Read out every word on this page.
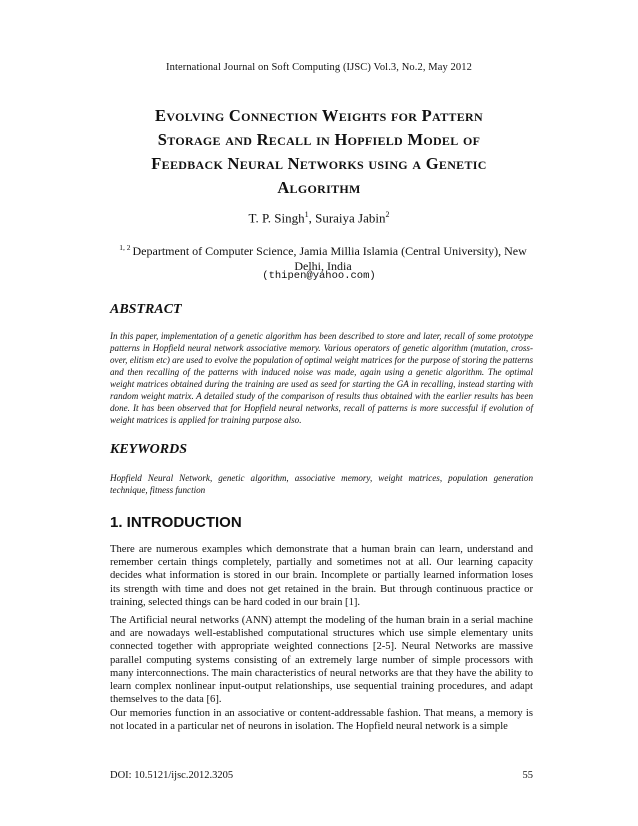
International Journal on Soft Computing (IJSC) Vol.3, No.2, May 2012
Evolving Connection Weights for Pattern
Storage and Recall in Hopfield Model of
Feedback Neural Networks using a Genetic
Algorithm
T. P. Singh$^1$, Suraiya Jabin$^2$
$^{1, 2}$ Department of Computer Science, Jamia Millia Islamia (Central University), New Delhi, India
(thipen@yahoo.com)
ABSTRACT
In this paper, implementation of a genetic algorithm has been described to store and later, recall of some prototype patterns in Hopfield neural network associative memory. Various operators of genetic algorithm (mutation, cross-over, elitism etc) are used to evolve the population of optimal weight matrices for the purpose of storing the patterns and then recalling of the patterns with induced noise was made, again using a genetic algorithm. The optimal weight matrices obtained during the training are used as seed for starting the GA in recalling, instead starting with random weight matrix. A detailed study of the comparison of results thus obtained with the earlier results has been done. It has been observed that for Hopfield neural networks, recall of patterns is more successful if evolution of weight matrices is applied for training purpose also.
KEYWORDS
Hopfield Neural Network, genetic algorithm, associative memory, weight matrices, population generation technique, fitness function
1. INTRODUCTION
There are numerous examples which demonstrate that a human brain can learn, understand and remember certain things completely, partially and sometimes not at all. Our learning capacity decides what information is stored in our brain. Incomplete or partially learned information loses its strength with time and does not get retained in the brain. But through continuous practice or training, selected things can be hard coded in our brain [1].
The Artificial neural networks (ANN) attempt the modeling of the human brain in a serial machine and are nowadays well-established computational structures which use simple elementary units connected together with appropriate weighted connections [2-5]. Neural Networks are massive parallel computing systems consisting of an extremely large number of simple processors with many interconnections. The main characteristics of neural networks are that they have the ability to learn complex nonlinear input-output relationships, use sequential training procedures, and adapt themselves to the data [6].
Our memories function in an associative or content-addressable fashion. That means, a memory is not located in a particular net of neurons in isolation. The Hopfield neural network is a simple
DOI: 10.5121/ijsc.2012.3205	55
